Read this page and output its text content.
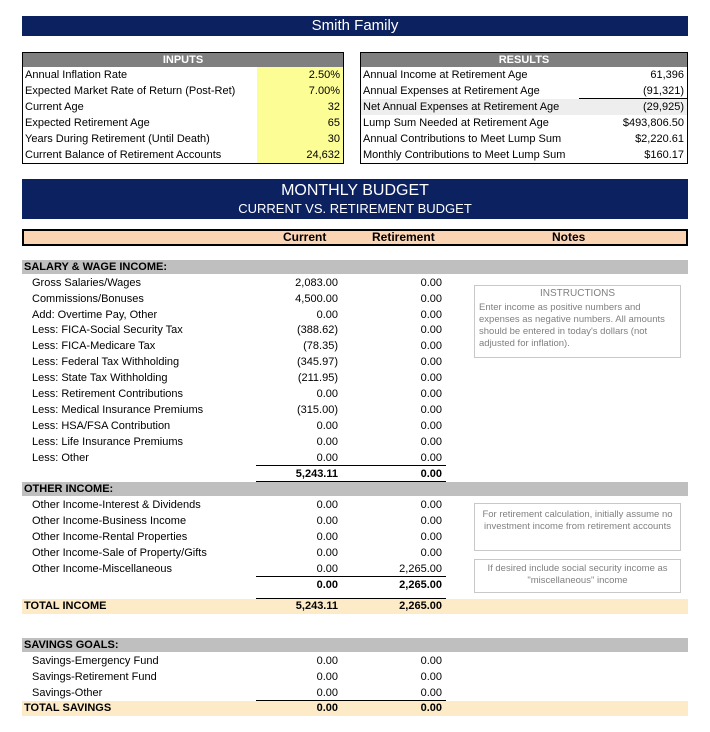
Smith Family
INPUTS
Annual Inflation Rate	2.50%
Expected Market Rate of Return (Post-Ret)	7.00%
Current Age	32
Expected Retirement Age	65
Years During Retirement (Until Death)	30
Current Balance of Retirement Accounts	24,632
RESULTS
Annual Income at Retirement Age	61,396
Annual Expenses at Retirement Age	(91,321)
Net Annual Expenses at Retirement Age	(29,925)
Lump Sum Needed at Retirement Age	$493,806.50
Annual Contributions to Meet Lump Sum	$2,220.61
Monthly Contributions to Meet Lump Sum	$160.17
MONTHLY BUDGET
CURRENT VS. RETIREMENT BUDGET
Current	Retirement	Notes
SALARY & WAGE INCOME:
Gross Salaries/Wages	2,083.00	0.00
Commissions/Bonuses	4,500.00	0.00
Add: Overtime Pay, Other	0.00	0.00
Less: FICA-Social Security Tax	(388.62)	0.00
Less: FICA-Medicare Tax	(78.35)	0.00
Less: Federal Tax Withholding	(345.97)	0.00
Less: State Tax Withholding	(211.95)	0.00
Less: Retirement Contributions	0.00	0.00
Less: Medical Insurance Premiums	(315.00)	0.00
Less: HSA/FSA Contribution	0.00	0.00
Less: Life Insurance Premiums	0.00	0.00
Less: Other	0.00	0.00
5,243.11	0.00
OTHER INCOME:
Other Income-Interest & Dividends	0.00	0.00
Other Income-Business Income	0.00	0.00
Other Income-Rental Properties	0.00	0.00
Other Income-Sale of Property/Gifts	0.00	0.00
Other Income-Miscellaneous	0.00	2,265.00
0.00	2,265.00
TOTAL INCOME	5,243.11	2,265.00
SAVINGS GOALS:
Savings-Emergency Fund	0.00	0.00
Savings-Retirement Fund	0.00	0.00
Savings-Other	0.00	0.00
TOTAL SAVINGS	0.00	0.00
INSTRUCTIONS
Enter income as positive numbers and expenses as negative numbers. All amounts should be entered in today's dollars (not adjusted for inflation).
For retirement calculation, initially assume no investment income from retirement accounts
If desired include social security income as "miscellaneous" income
